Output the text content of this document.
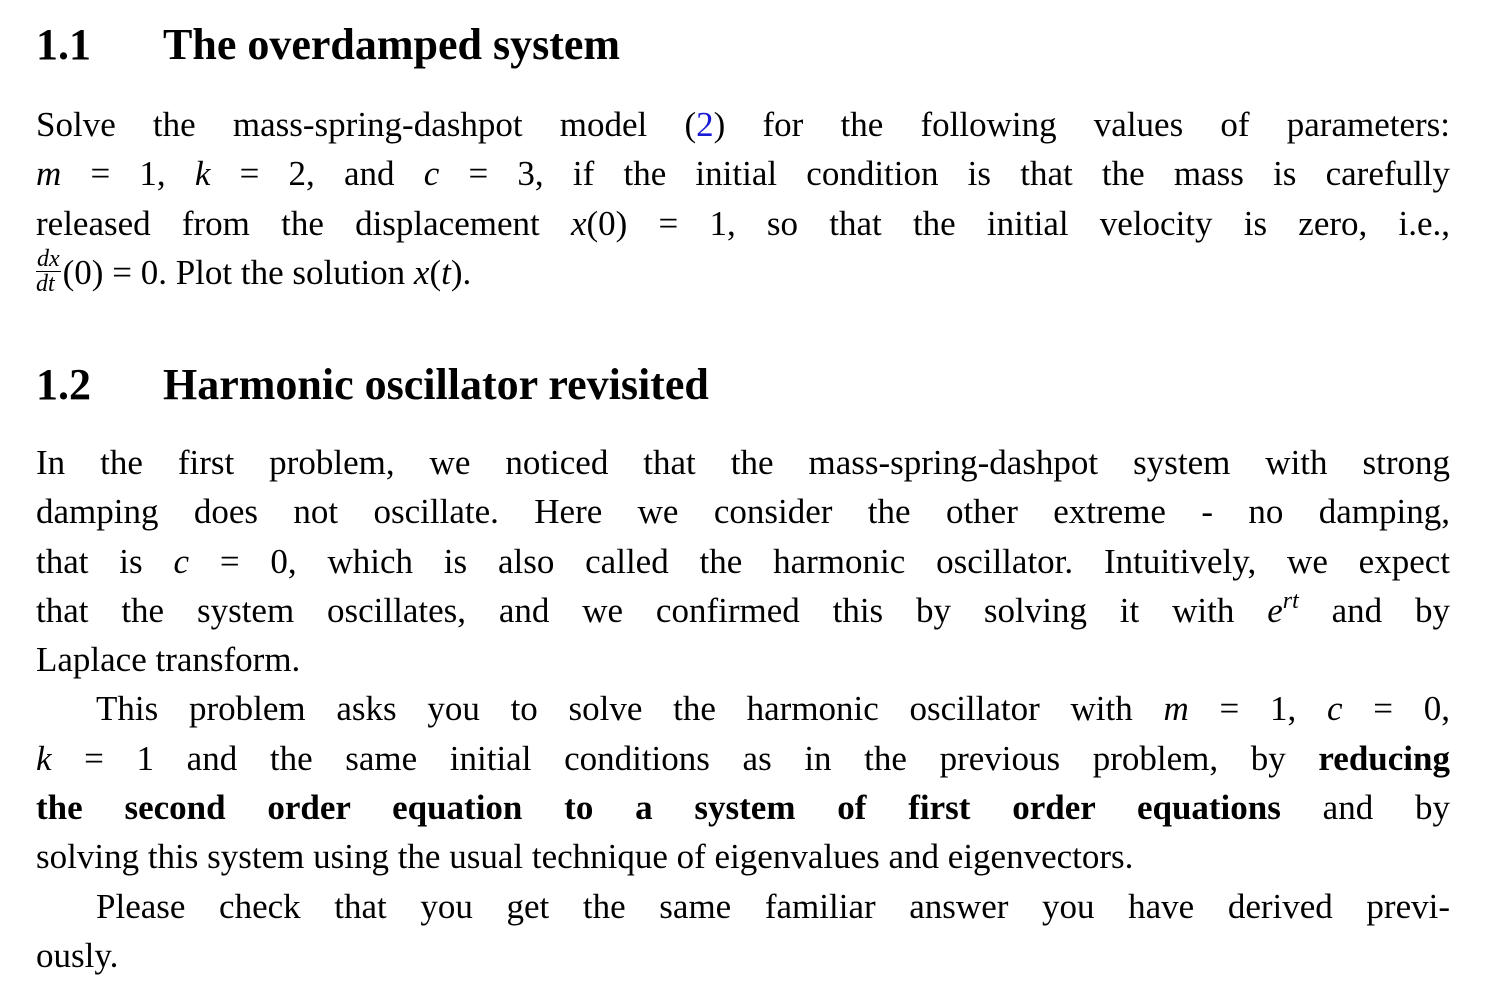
1.1 The overdamped system

Solve the mass-spring-dashpot model (2) for the following values of parameters:
m = 1, k = 2, and c = 3, if the initial condition is that the mass is carefully
released from the displacement x(0) = 1, so that the initial velocity is zero, i.e.,
$\frac{dx}{dt} (0) = 0$. Plot the solution x(t).

1.2 Harmonic oscillator revisited

In the first problem, we noticed that the mass-spring-dashpot system with strong
damping does not oscillate. Here we consider the other extreme - no damping,
that is c = 0, which is also called the harmonic oscillator. Intuitively, we expect
that the system oscillates, and we confirmed this by solving it with $e^{rt}$ and by
Laplace transform.
This problem asks you to solve the harmonic oscillator with m = 1, c = 0,
k = 1 and the same initial conditions as in the previous problem, by reducing
the second order equation to a system of first order equations and by
solving this system using the usual technique of eigenvalues and eigenvectors.
Please check that you get the same familiar answer you have derived previ-
ously.
